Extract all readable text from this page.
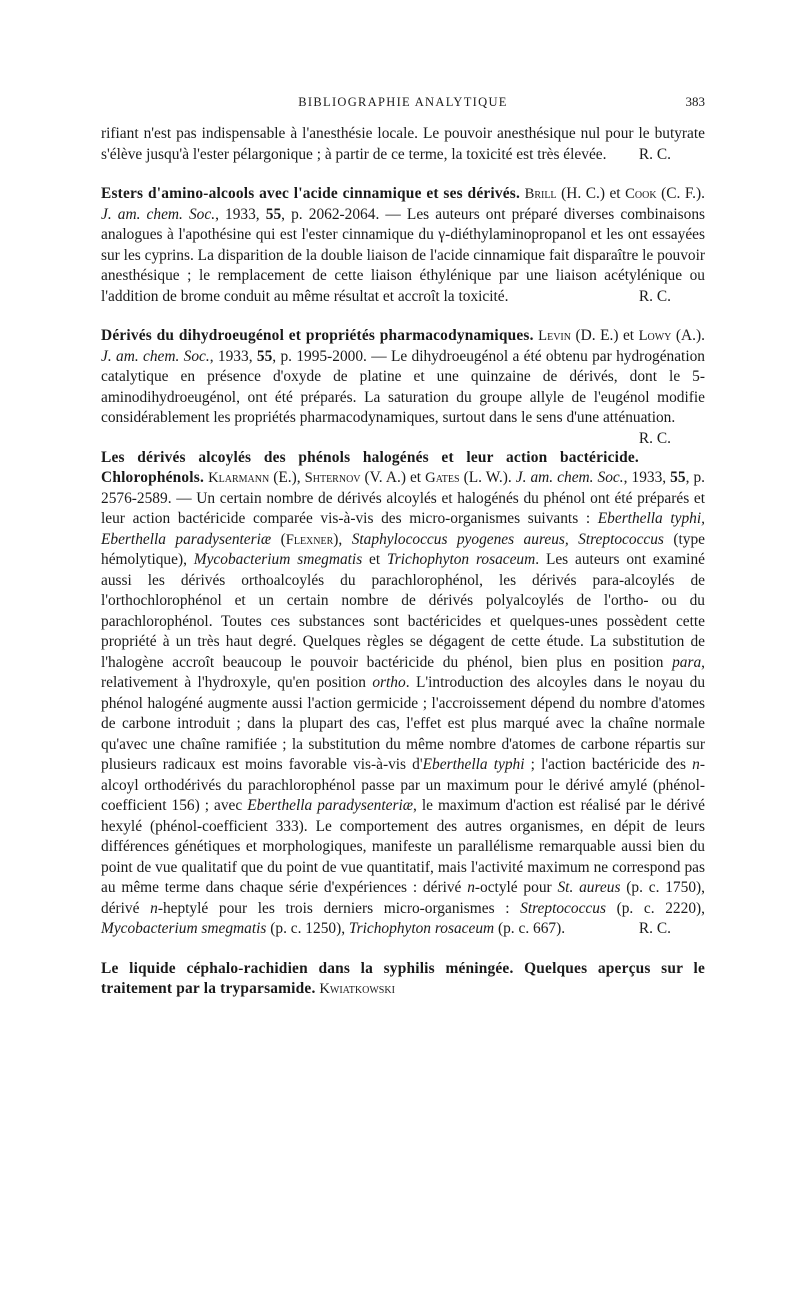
BIBLIOGRAPHIE ANALYTIQUE	383

rifiant n'est pas indispensable à l'anesthésie locale. Le pouvoir anesthésique nul pour le butyrate s'élève jusqu'à l'ester pélargonique ; à partir de ce terme, la toxicité est très élevée. R. C.

Esters d'amino-alcools avec l'acide cinnamique et ses dérivés. Brill (H. C.) et Cook (C. F.). J. am. chem. Soc., 1933, 55, p. 2062-2064. — Les auteurs ont préparé diverses combinaisons analogues à l'apothésine qui est l'ester cinnamique du γ-diéthylaminopropanol et les ont essayées sur les cyprins. La disparition de la double liaison de l'acide cinnamique fait disparaître le pouvoir anesthésique ; le remplacement de cette liaison éthylénique par une liaison acétylénique ou l'addition de brome conduit au même résultat et accroît la toxicité.	R. C.

Dérivés du dihydroeugénol et propriétés pharmacodynamiques. Levin (D. E.) et Lowy (A.). J. am. chem. Soc., 1933, 55, p. 1995-2000. — Le dihydroeugénol a été obtenu par hydrogénation catalytique en présence d'oxyde de platine et une quinzaine de dérivés, dont le 5-aminodihydroeugénol, ont été préparés. La saturation du groupe allyle de l'eugénol modifie considérablement les propriétés pharmacodynamiques, surtout dans le sens d'une atténuation.
R. C.

Les dérivés alcoylés des phénols halogénés et leur action bactéricide. Chlorophénols. Klarmann (E.), Shternov (V. A.) et Gates (L. W.). J. am. chem. Soc., 1933, 55, p. 2576-2589. — Un certain nombre de dérivés alcoylés et halogénés du phénol ont été préparés et leur action bactéricide comparée vis-à-vis des micro-organismes suivants : Eberthella typhi, Eberthella paradysenteriæ (Flexner), Staphylococcus pyogenes aureus, Streptococcus (type hémolytique), Mycobacterium smegmatis et Trichophyton rosaceum. Les auteurs ont examiné aussi les dérivés orthoalcoylés du parachlorophénol, les dérivés para-alcoylés de l'orthochlorophénol et un certain nombre de dérivés polyalcoylés de l'ortho- ou du parachlorophénol. Toutes ces substances sont bactéricides et quelques-unes possèdent cette propriété à un très haut degré. Quelques règles se dégagent de cette étude. La substitution de l'halogène accroît beaucoup le pouvoir bactéricide du phénol, bien plus en position para, relativement à l'hydroxyle, qu'en position ortho. L'introduction des alcoyles dans le noyau du phénol halogéné augmente aussi l'action germicide ; l'accroissement dépend du nombre d'atomes de carbone introduit ; dans la plupart des cas, l'effet est plus marqué avec la chaîne normale qu'avec une chaîne ramifiée ; la substitution du même nombre d'atomes de carbone répartis sur plusieurs radicaux est moins favorable vis-à-vis d'Eberthella typhi ; l'action bactéricide des n-alcoyl orthodérivés du parachlorophénol passe par un maximum pour le dérivé amylé (phénol-coefficient 156) ; avec Eberthella paradysenteriæ, le maximum d'action est réalisé par le dérivé hexylé (phénol-coefficient 333). Le comportement des autres organismes, en dépit de leurs différences génétiques et morphologiques, manifeste un parallélisme remarquable aussi bien du point de vue qualitatif que du point de vue quantitatif, mais l'activité maximum ne correspond pas au même terme dans chaque série d'expériences : dérivé n-octylé pour St. aureus (p. c. 1750), dérivé n-heptylé pour les trois derniers micro-organismes : Streptococcus (p. c. 2220), Mycobacterium smegmatis (p. c. 1250), Trichophyton rosaceum (p. c. 667).	R. C.

Le liquide céphalo-rachidien dans la syphilis méningée. Quelques aperçus sur le traitement par la tryparsamide. Kwiatkowski
